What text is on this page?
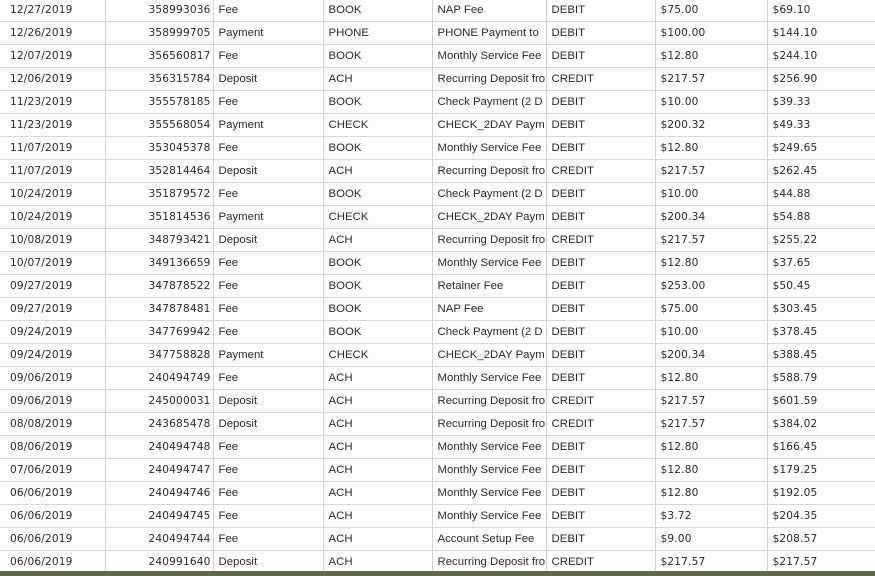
12/27/2019	358993036	Fee	BOOK	NAP Fee	DEBIT	$75.00	$69.10
12/26/2019	358999705	Payment	PHONE	PHONE Payment to	DEBIT	$100.00	$144.10
12/07/2019	356560817	Fee	BOOK	Monthly Service Fee	DEBIT	$12.80	$244.10
12/06/2019	356315784	Deposit	ACH	Recurring Deposit fro	CREDIT	$217.57	$256.90
11/23/2019	355578185	Fee	BOOK	Check Payment (2 D	DEBIT	$10.00	$39.33
11/23/2019	355568054	Payment	CHECK	CHECK_2DAY Paym	DEBIT	$200.32	$49.33
11/07/2019	353045378	Fee	BOOK	Monthly Service Fee	DEBIT	$12.80	$249.65
11/07/2019	352814464	Deposit	ACH	Recurring Deposit fro	CREDIT	$217.57	$262.45
10/24/2019	351879572	Fee	BOOK	Check Payment (2 D	DEBIT	$10.00	$44.88
10/24/2019	351814536	Payment	CHECK	CHECK_2DAY Paym	DEBIT	$200.34	$54.88
10/08/2019	348793421	Deposit	ACH	Recurring Deposit fro	CREDIT	$217.57	$255.22
10/07/2019	349136659	Fee	BOOK	Monthly Service Fee	DEBIT	$12.80	$37.65
09/27/2019	347878522	Fee	BOOK	Retainer Fee	DEBIT	$253.00	$50.45
09/27/2019	347878481	Fee	BOOK	NAP Fee	DEBIT	$75.00	$303.45
09/24/2019	347769942	Fee	BOOK	Check Payment (2 D	DEBIT	$10.00	$378.45
09/24/2019	347758828	Payment	CHECK	CHECK_2DAY Paym	DEBIT	$200.34	$388.45
09/06/2019	240494749	Fee	ACH	Monthly Service Fee	DEBIT	$12.80	$588.79
09/06/2019	245000031	Deposit	ACH	Recurring Deposit fro	CREDIT	$217.57	$601.59
08/08/2019	243685478	Deposit	ACH	Recurring Deposit fro	CREDIT	$217.57	$384.02
08/06/2019	240494748	Fee	ACH	Monthly Service Fee	DEBIT	$12.80	$166.45
07/06/2019	240494747	Fee	ACH	Monthly Service Fee	DEBIT	$12.80	$179.25
06/06/2019	240494746	Fee	ACH	Monthly Service Fee	DEBIT	$12.80	$192.05
06/06/2019	240494745	Fee	ACH	Monthly Service Fee	DEBIT	$3.72	$204.35
06/06/2019	240494744	Fee	ACH	Account Setup Fee	DEBIT	$9.00	$208.57
06/06/2019	240991640	Deposit	ACH	Recurring Deposit fro	CREDIT	$217.57	$217.57
